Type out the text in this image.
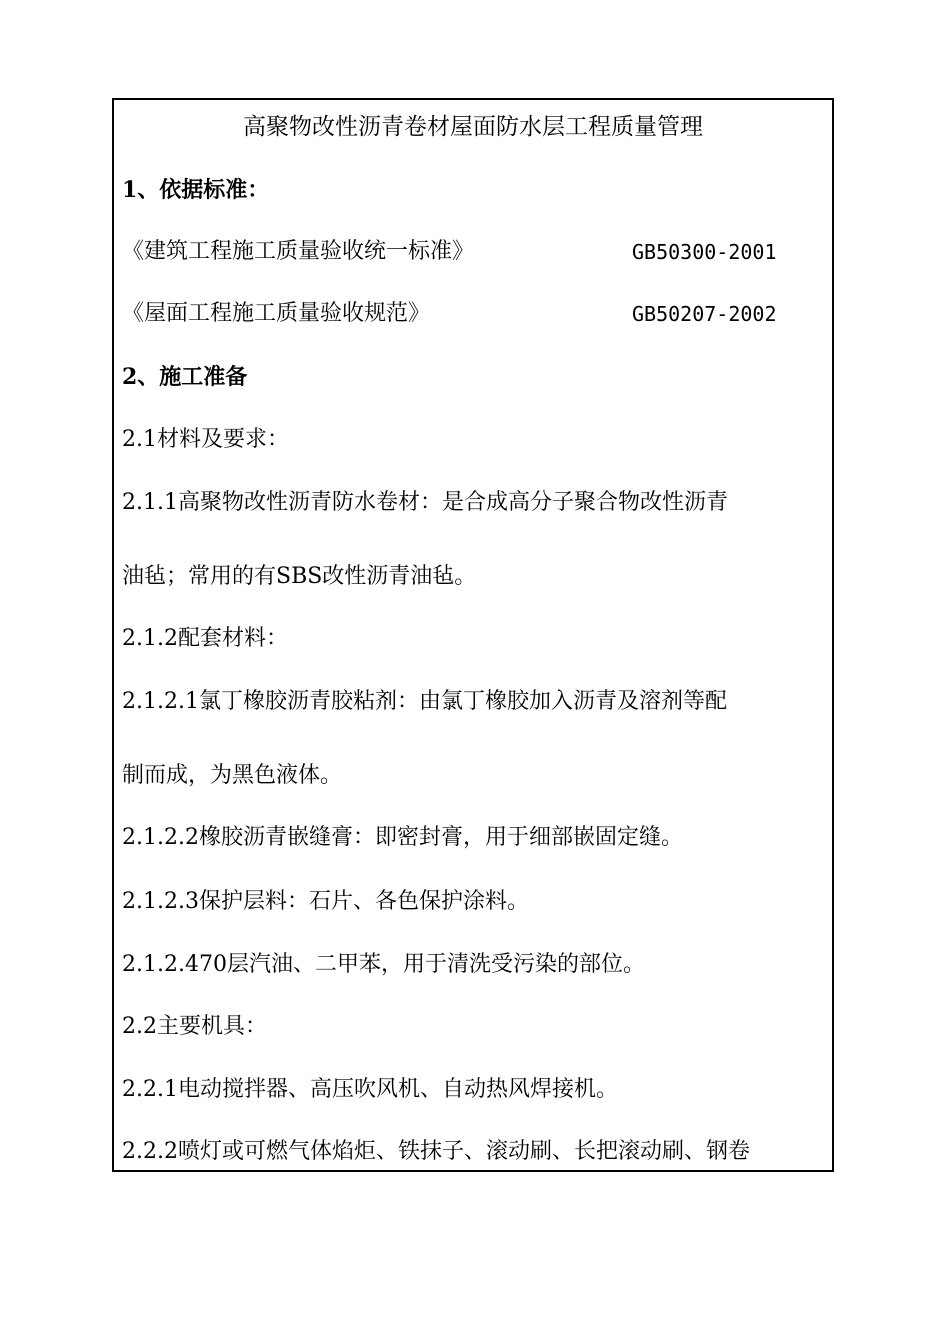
高聚物改性沥青卷材屋面防水层工程质量管理
1、依据标准：
《建筑工程施工质量验收统一标准》	GB50300-2001
《屋面工程施工质量验收规范》	GB50207-2002
2、施工准备
2.1材料及要求：
2.1.1高聚物改性沥青防水卷材：是合成高分子聚合物改性沥青
油毡；常用的有SBS改性沥青油毡。
2.1.2配套材料：
2.1.2.1氯丁橡胶沥青胶粘剂：由氯丁橡胶加入沥青及溶剂等配
制而成，为黑色液体。
2.1.2.2橡胶沥青嵌缝膏：即密封膏，用于细部嵌固定缝。
2.1.2.3保护层料：石片、各色保护涂料。
2.1.2.470层汽油、二甲苯，用于清洗受污染的部位。
2.2主要机具：
2.2.1电动搅拌器、高压吹风机、自动热风焊接机。
2.2.2喷灯或可燃气体焰炬、铁抹子、滚动刷、长把滚动刷、钢卷
